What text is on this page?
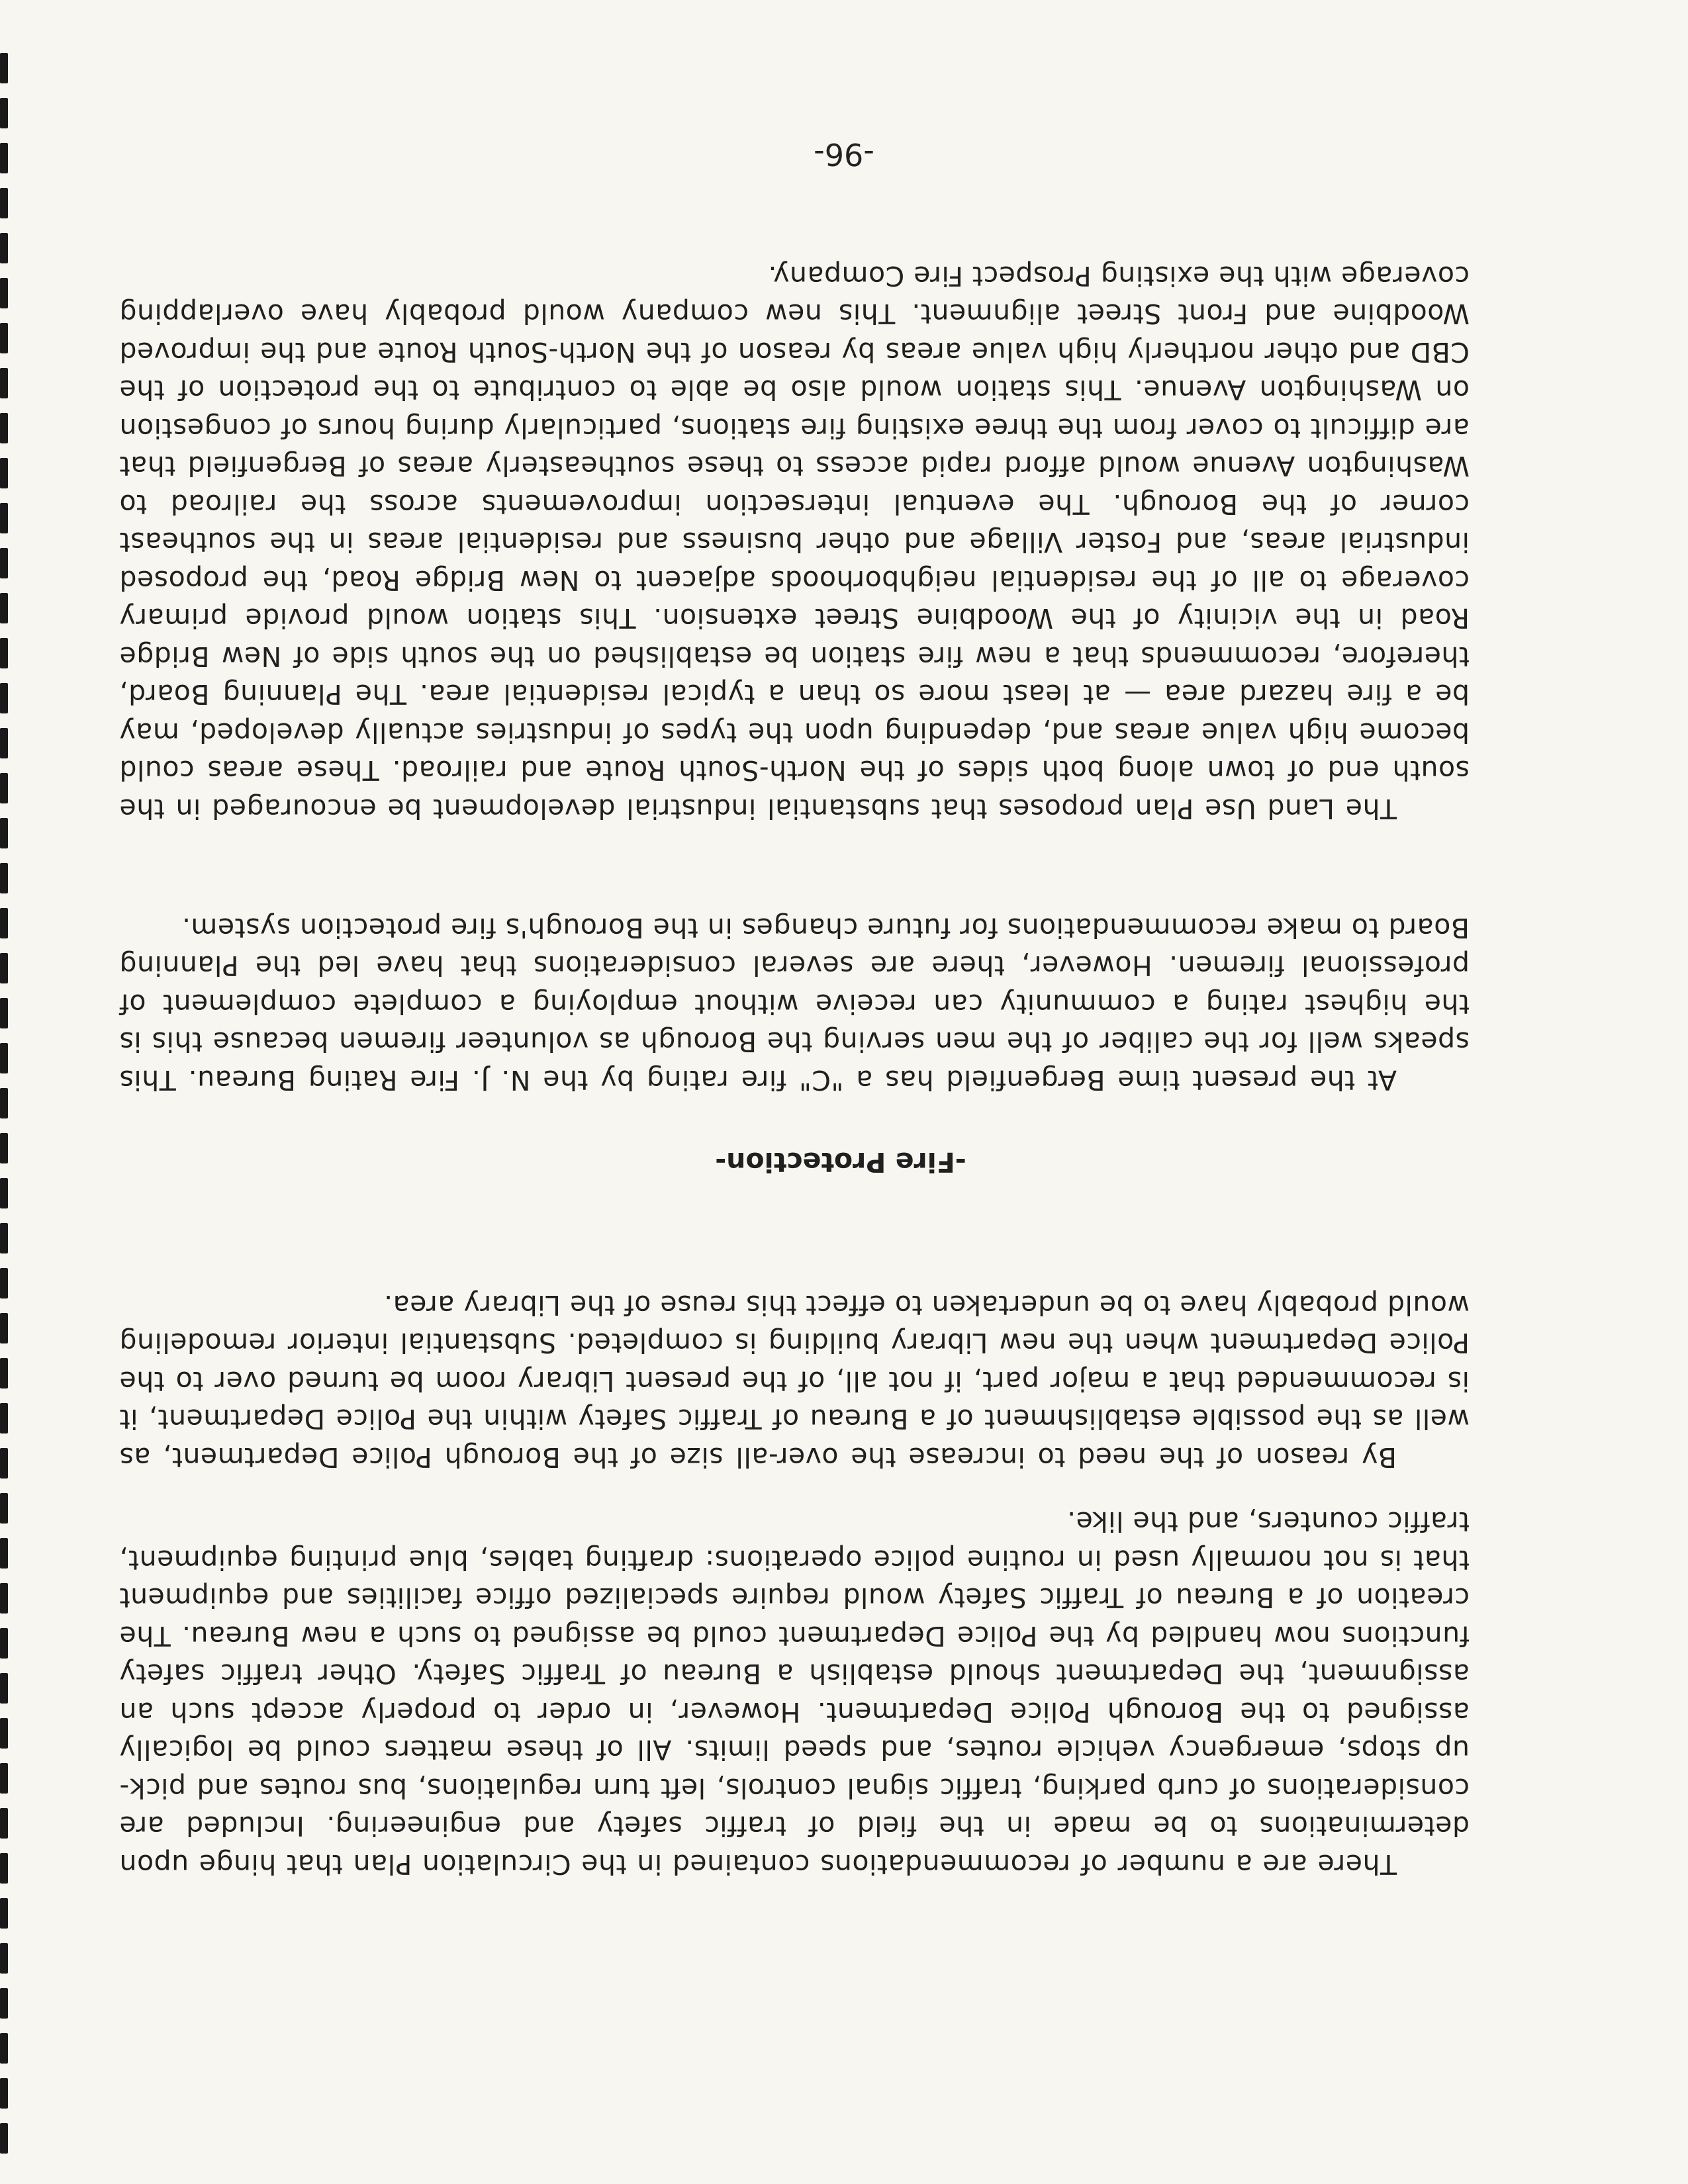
-96-

There are a number of recommendations contained in the Circulation Plan that hinge upon determinations to be made in the field of traffic safety and engineering. Included are considerations of curb parking, traffic signal controls, left turn regulations, bus routes and pick-up stops, emergency vehicle routes, and speed limits. All of these matters could be logically assigned to the Borough Police Department. However, in order to properly accept such an assignment, the Department should establish a Bureau of Traffic Safety. Other traffic safety functions now handled by the Police Department could be assigned to such a new Bureau. The creation of a Bureau of Traffic Safety would require specialized office facilities and equipment that is not normally used in routine police operations: drafting tables, blue printing equipment, traffic counters, and the like.

By reason of the need to increase the over-all size of the Borough Police Department, as well as the possible establishment of a Bureau of Traffic Safety within the Police Department, it is recommended that a major part, if not all, of the present Library room be turned over to the Police Department when the new Library building is completed. Substantial interior remodeling would probably have to be undertaken to effect this reuse of the Library area.

-Fire Protection-

At the present time Bergenfield has a "C" fire rating by the N. J. Fire Rating Bureau. This speaks well for the caliber of the men serving the Borough as volunteer firemen because this is the highest rating a community can receive without employing a complete complement of professional firemen. However, there are several considerations that have led the Planning Board to make recommendations for future changes in the Borough's fire protection system.

The Land Use Plan proposes that substantial industrial development be encouraged in the south end of town along both sides of the North-South Route and railroad. These areas could become high value areas and, depending upon the types of industries actually developed, may be a fire hazard area — at least more so than a typical residential area. The Planning Board, therefore, recommends that a new fire station be established on the south side of New Bridge Road in the vicinity of the Woodbine Street extension. This station would provide primary coverage to all of the residential neighborhoods adjacent to New Bridge Road, the proposed industrial areas, and Foster Village and other business and residential areas in the southeast corner of the Borough. The eventual intersection improvements across the railroad to Washington Avenue would afford rapid access to these southeasterly areas of Bergenfield that are difficult to cover from the three existing fire stations, particularly during hours of congestion on Washington Avenue. This station would also be able to contribute to the protection of the CBD and other northerly high value areas by reason of the North-South Route and the improved Woodbine and Front Street alignment. This new company would probably have overlapping coverage with the existing Prospect Fire Company.
